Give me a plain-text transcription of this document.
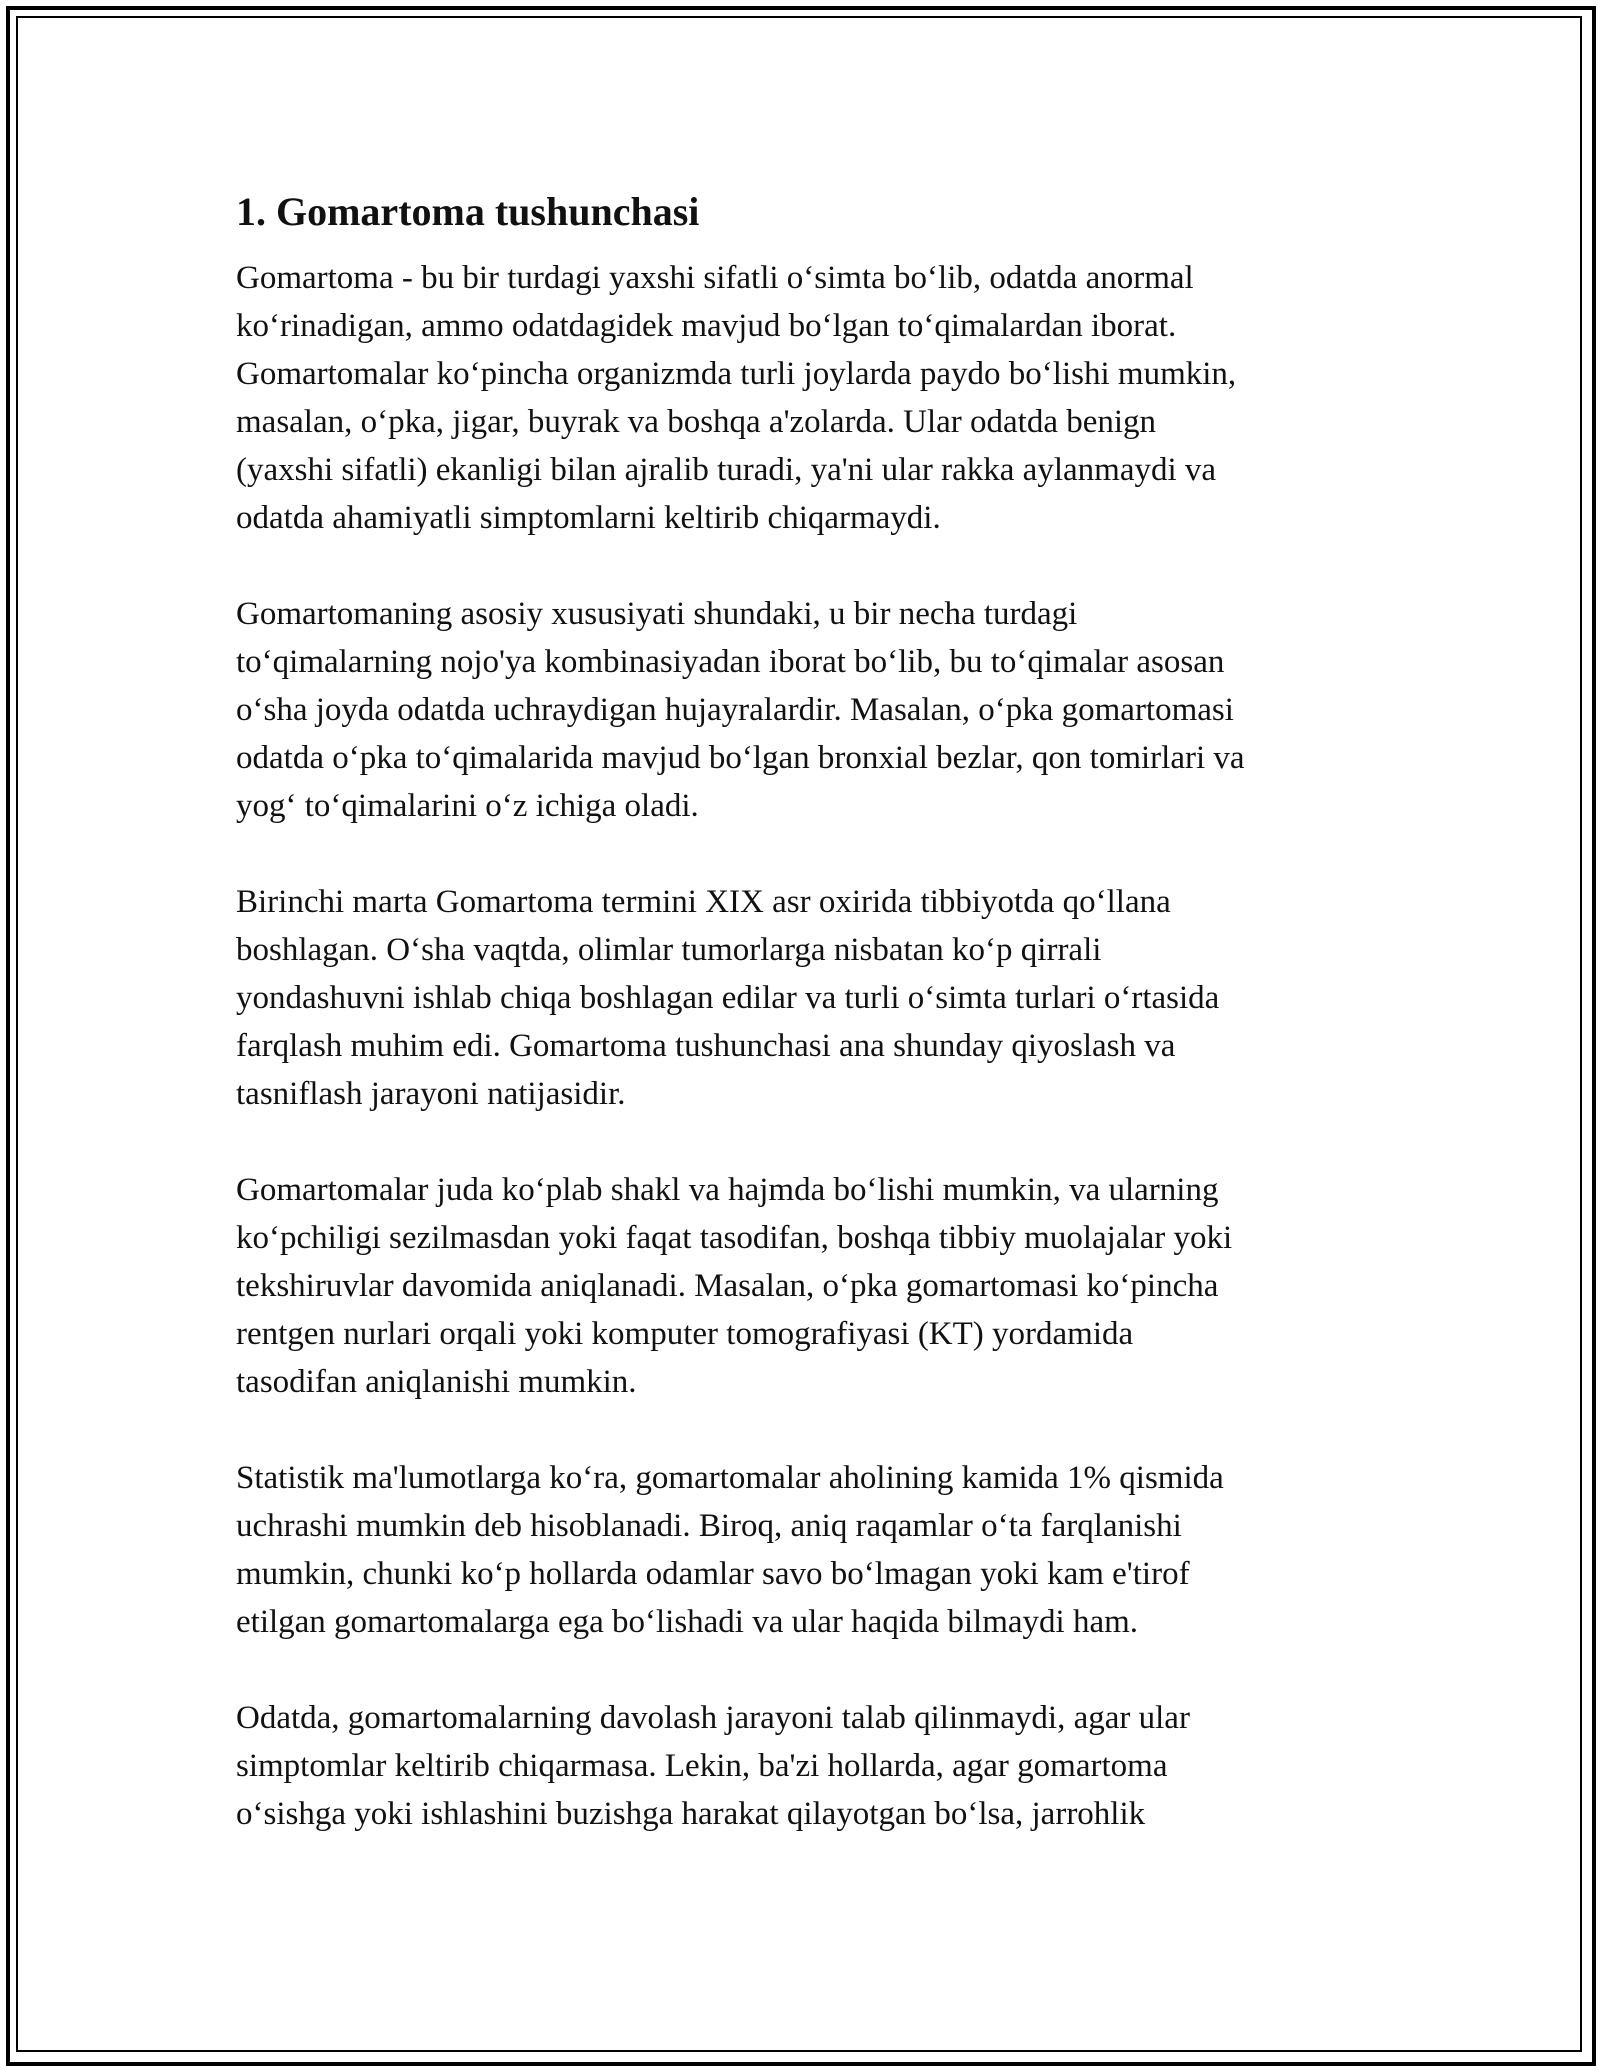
1. Gomartoma tushunchasi
Gomartoma - bu bir turdagi yaxshi sifatli o‘simta bo‘lib, odatda anormal
ko‘rinadigan, ammo odatdagidek mavjud bo‘lgan to‘qimalardan iborat.
Gomartomalar ko‘pincha organizmda turli joylarda paydo bo‘lishi mumkin,
masalan, o‘pka, jigar, buyrak va boshqa a'zolarda. Ular odatda benign
(yaxshi sifatli) ekanligi bilan ajralib turadi, ya'ni ular rakka aylanmaydi va
odatda ahamiyatli simptomlarni keltirib chiqarmaydi.
Gomartomaning asosiy xususiyati shundaki, u bir necha turdagi
to‘qimalarning nojo'ya kombinasiyadan iborat bo‘lib, bu to‘qimalar asosan
o‘sha joyda odatda uchraydigan hujayralardir. Masalan, o‘pka gomartomasi
odatda o‘pka to‘qimalarida mavjud bo‘lgan bronxial bezlar, qon tomirlari va
yog‘ to‘qimalarini o‘z ichiga oladi.
Birinchi marta Gomartoma termini XIX asr oxirida tibbiyotda qo‘llana
boshlagan. O‘sha vaqtda, olimlar tumorlarga nisbatan ko‘p qirrali
yondashuvni ishlab chiqa boshlagan edilar va turli o‘simta turlari o‘rtasida
farqlash muhim edi. Gomartoma tushunchasi ana shunday qiyoslash va
tasniflash jarayoni natijasidir.
Gomartomalar juda ko‘plab shakl va hajmda bo‘lishi mumkin, va ularning
ko‘pchiligi sezilmasdan yoki faqat tasodifan, boshqa tibbiy muolajalar yoki
tekshiruvlar davomida aniqlanadi. Masalan, o‘pka gomartomasi ko‘pincha
rentgen nurlari orqali yoki komputer tomografiyasi (KT) yordamida
tasodifan aniqlanishi mumkin.
Statistik ma'lumotlarga ko‘ra, gomartomalar aholining kamida 1% qismida
uchrashi mumkin deb hisoblanadi. Biroq, aniq raqamlar o‘ta farqlanishi
mumkin, chunki ko‘p hollarda odamlar savo bo‘lmagan yoki kam e'tirof
etilgan gomartomalarga ega bo‘lishadi va ular haqida bilmaydi ham.
Odatda, gomartomalarning davolash jarayoni talab qilinmaydi, agar ular
simptomlar keltirib chiqarmasa. Lekin, ba'zi hollarda, agar gomartoma
o‘sishga yoki ishlashini buzishga harakat qilayotgan bo‘lsa, jarrohlik
